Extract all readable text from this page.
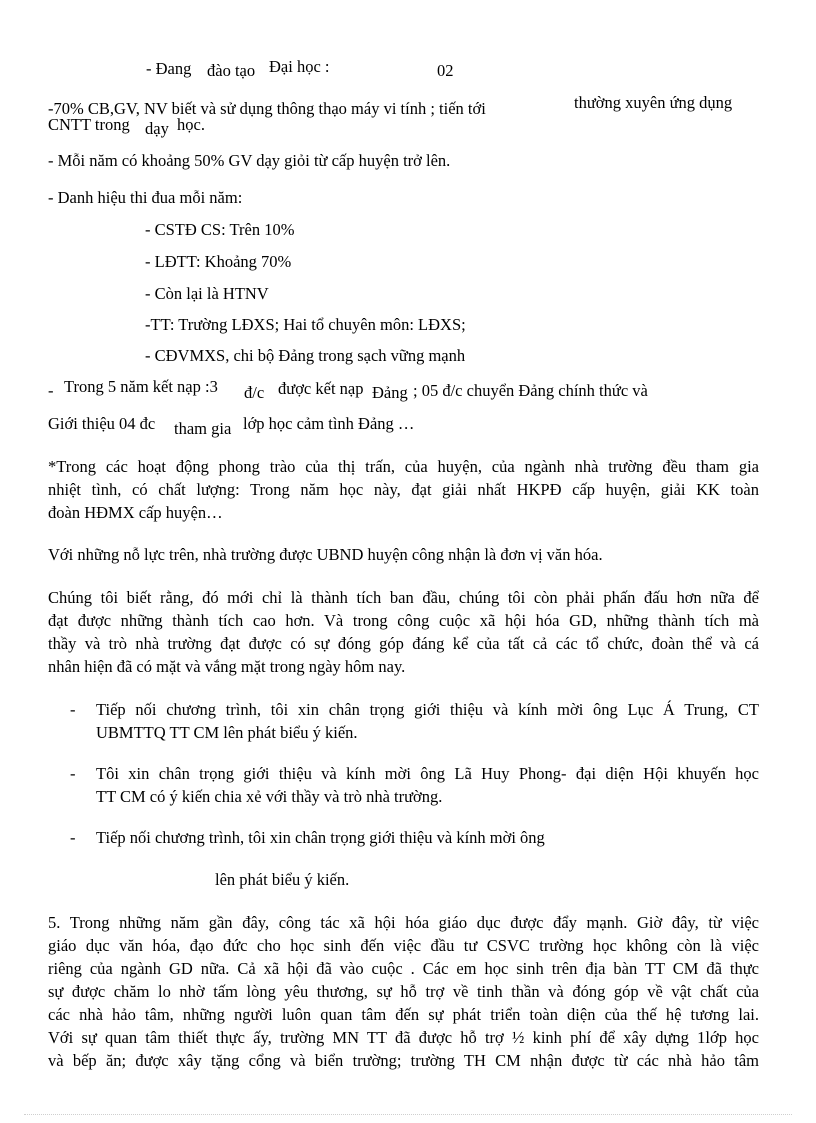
- Đang đào tạo Đại học :	02
-70% CB,GV, NV biết và sử dụng thông thạo máy vi tính ; tiến tới	thường xuyên ứng dụng
CNTT trong dạy học.
- Mỗi năm có khoảng 50% GV dạy giỏi từ cấp huyện trở lên.
- Danh hiệu thi đua mỗi năm:
- CSTĐ CS: Trên 10%
- LĐTT: Khoảng 70%
- Còn lại là HTNV
-TT: Trường LĐXS; Hai tổ chuyên môn: LĐXS;
- CĐVMXS, chi bộ Đảng trong sạch vững mạnh
- Trong 5 năm kết nạp :3 đ/c được kết nạp Đảng ; 05 đ/c chuyển Đảng chính thức và
Giới thiệu 04 đc tham gia lớp học cảm tình Đảng …
*Trong các hoạt động phong trào của thị trấn, của huyện, của ngành nhà trường đều tham gia
nhiệt tình, có chất lượng: Trong năm học này, đạt giải nhất HKPĐ cấp huyện, giải KK toàn
đoàn HĐMX cấp huyện…
Với những nỗ lực trên, nhà trường được UBND huyện công nhận là đơn vị văn hóa.
Chúng tôi biết rằng, đó mới chỉ là thành tích ban đầu, chúng tôi còn phải phấn đấu hơn nữa để
đạt được những thành tích cao hơn. Và trong công cuộc xã hội hóa GD, những thành tích mà
thầy và trò nhà trường đạt được có sự đóng góp đáng kể của tất cả các tổ chức, đoàn thể và cá
nhân hiện đã có mặt và vắng mặt trong ngày hôm nay.
- Tiếp nối chương trình, tôi xin chân trọng giới thiệu và kính mời ông Lục Á Trung, CT
UBMTTQ TT CM lên phát biểu ý kiến.
- Tôi xin chân trọng giới thiệu và kính mời ông Lã Huy Phong- đại diện Hội khuyến học
TT CM có ý kiến chia xẻ với thầy và trò nhà trường.
- Tiếp nối chương trình, tôi xin chân trọng giới thiệu và kính mời ông
lên phát biểu ý kiến.
5. Trong những năm gần đây, công tác xã hội hóa giáo dục được đẩy mạnh. Giờ đây, từ việc
giáo dục văn hóa, đạo đức cho học sinh đến việc đầu tư CSVC trường học không còn là việc
riêng của ngành GD nữa. Cả xã hội đã vào cuộc . Các em học sinh trên địa bàn TT CM đã thực
sự được chăm lo nhờ tấm lòng yêu thương, sự hỗ trợ về tinh thần và đóng góp về vật chất của
các nhà hảo tâm, những người luôn quan tâm đến sự phát triển toàn diện của thế hệ tương lai.
Với sự quan tâm thiết thực ấy, trường MN TT đã được hỗ trợ ½ kinh phí để xây dựng 1lớp học
và bếp ăn; được xây tặng cổng và biển trường; trường TH CM nhận được từ các nhà hảo tâm
